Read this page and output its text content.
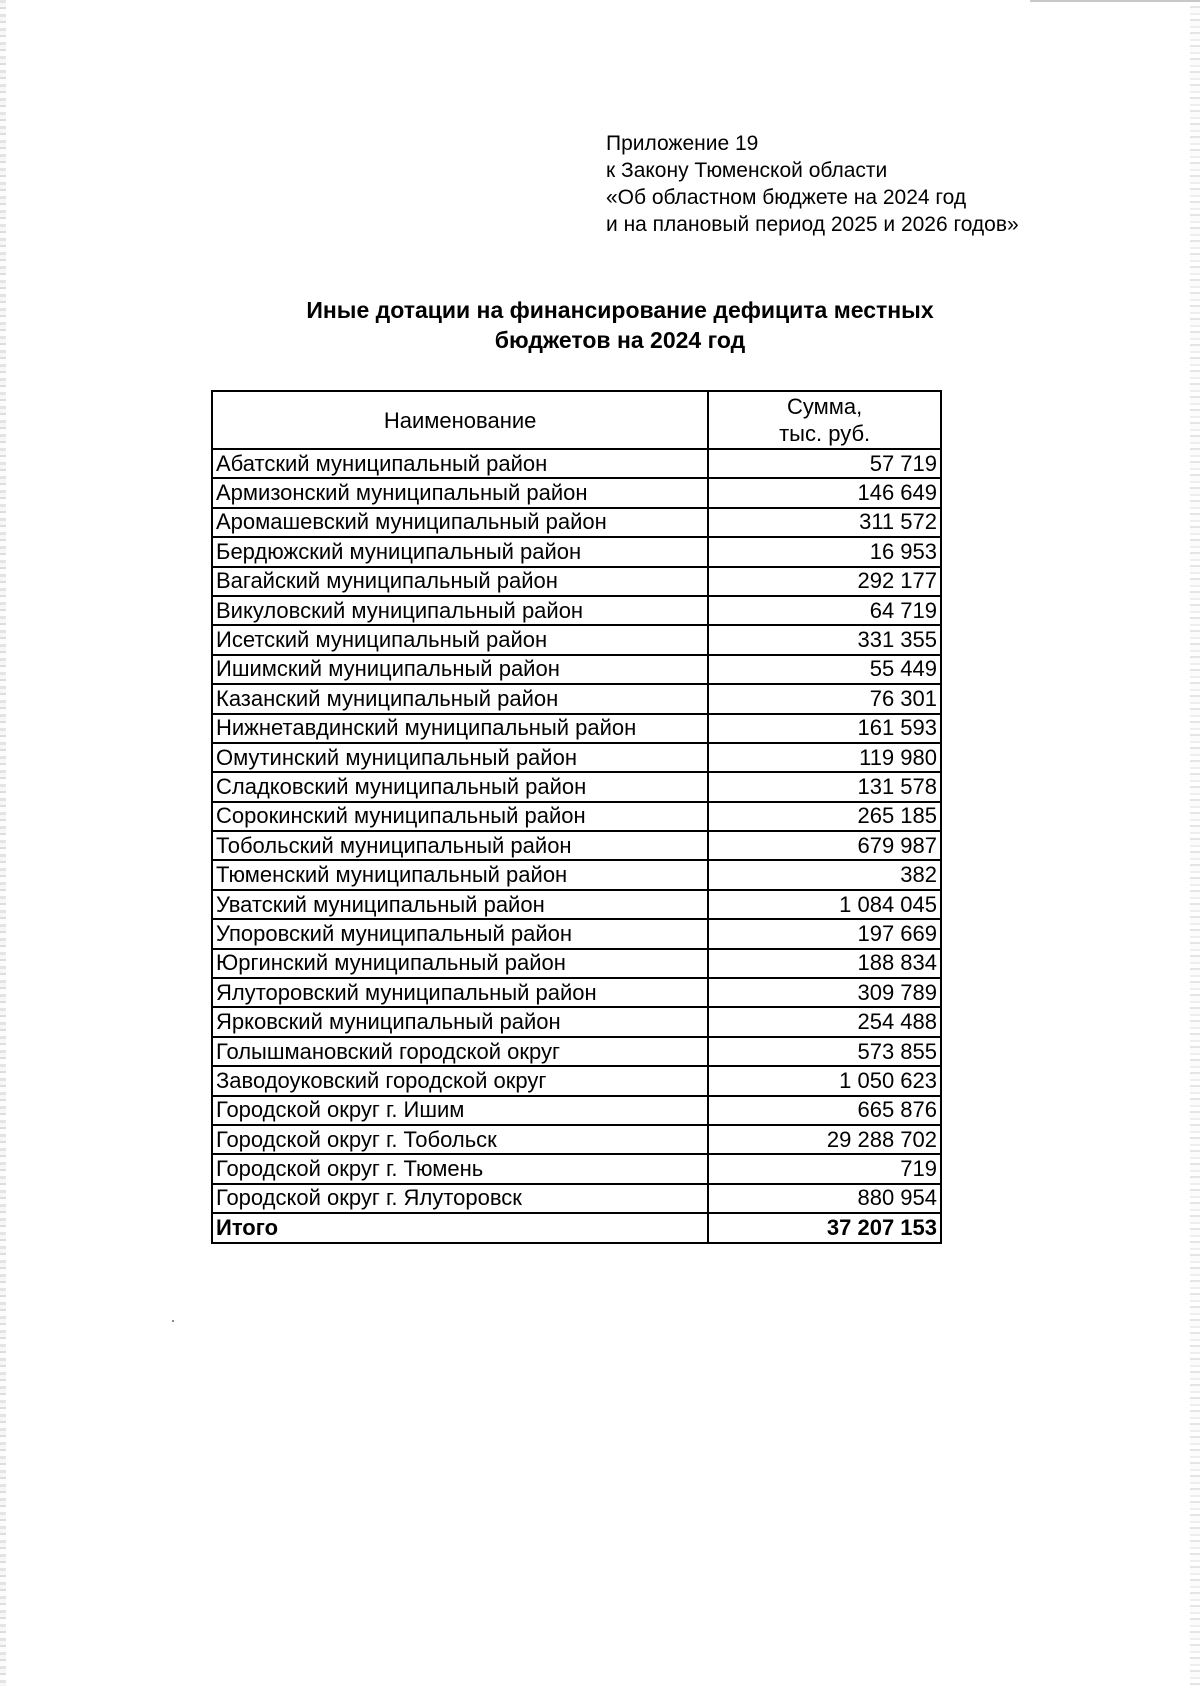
Приложение 19
к Закону Тюменской области
«Об областном бюджете на 2024 год
и на плановый период 2025 и 2026 годов»
Иные дотации на финансирование дефицита местных
бюджетов на 2024 год
Наименование	Сумма,
тыс. руб.

Абатский муниципальный район	57 719
Армизонский муниципальный район	146 649
Аромашевский муниципальный район	311 572
Бердюжский муниципальный район	16 953
Вагайский муниципальный район	292 177
Викуловский муниципальный район	64 719
Исетский муниципальный район	331 355
Ишимский муниципальный район	55 449
Казанский муниципальный район	76 301
Нижнетавдинский муниципальный район	161 593
Омутинский муниципальный район	119 980
Сладковский муниципальный район	131 578
Сорокинский муниципальный район	265 185
Тобольский муниципальный район	679 987
Тюменский муниципальный район	382
Уватский муниципальный район	1 084 045
Упоровский муниципальный район	197 669
Юргинский муниципальный район	188 834
Ялуторовский муниципальный район	309 789
Ярковский муниципальный район	254 488
Голышмановский городской округ	573 855
Заводоуковский городской округ	1 050 623
Городской округ г. Ишим	665 876
Городской округ г. Тобольск	29 288 702
Городской округ г. Тюмень	719
Городской округ г. Ялуторовск	880 954
Итого	37 207 153
